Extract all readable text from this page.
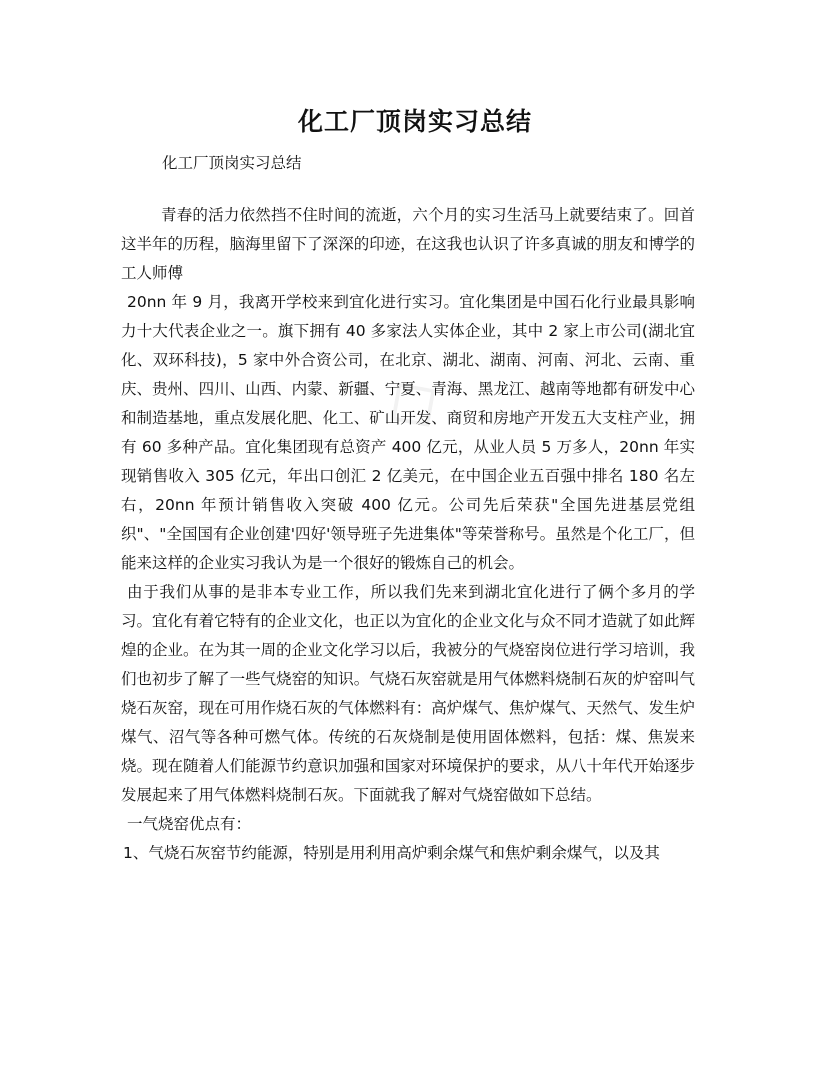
◇
化工厂顶岗实习总结
化工厂顶岗实习总结

青春的活力依然挡不住时间的流逝，六个月的实习生活马上就要结束了。回首这半年的历程，脑海里留下了深深的印迹，在这我也认识了许多真诚的朋友和博学的工人师傅

20nn 年 9 月，我离开学校来到宜化进行实习。宜化集团是中国石化行业最具影响力十大代表企业之一。旗下拥有 40 多家法人实体企业，其中 2 家上市公司(湖北宜化、双环科技)，5 家中外合资公司，在北京、湖北、湖南、河南、河北、云南、重庆、贵州、四川、山西、内蒙、新疆、宁夏、青海、黑龙江、越南等地都有研发中心和制造基地，重点发展化肥、化工、矿山开发、商贸和房地产开发五大支柱产业，拥有 60 多种产品。宜化集团现有总资产 400 亿元，从业人员 5 万多人，20nn 年实现销售收入 305 亿元，年出口创汇 2 亿美元，在中国企业五百强中排名 180 名左右，20nn 年预计销售收入突破 400 亿元。公司先后荣获"全国先进基层党组织"、"全国国有企业创建'四好'领导班子先进集体"等荣誉称号。虽然是个化工厂，但能来这样的企业实习我认为是一个很好的锻炼自己的机会。

由于我们从事的是非本专业工作，所以我们先来到湖北宜化进行了俩个多月的学习。宜化有着它特有的企业文化，也正以为宜化的企业文化与众不同才造就了如此辉煌的企业。在为其一周的企业文化学习以后，我被分的气烧窑岗位进行学习培训，我们也初步了解了一些气烧窑的知识。气烧石灰窑就是用气体燃料烧制石灰的炉窑叫气烧石灰窑，现在可用作烧石灰的气体燃料有：高炉煤气、焦炉煤气、天然气、发生炉煤气、沼气等各种可燃气体。传统的石灰烧制是使用固体燃料，包括：煤、焦炭来烧。现在随着人们能源节约意识加强和国家对环境保护的要求，从八十年代开始逐步发展起来了用气体燃料烧制石灰。下面就我了解对气烧窑做如下总结。

一气烧窑优点有：

1、气烧石灰窑节约能源，特别是用利用高炉剩余煤气和焦炉剩余煤气，以及其
